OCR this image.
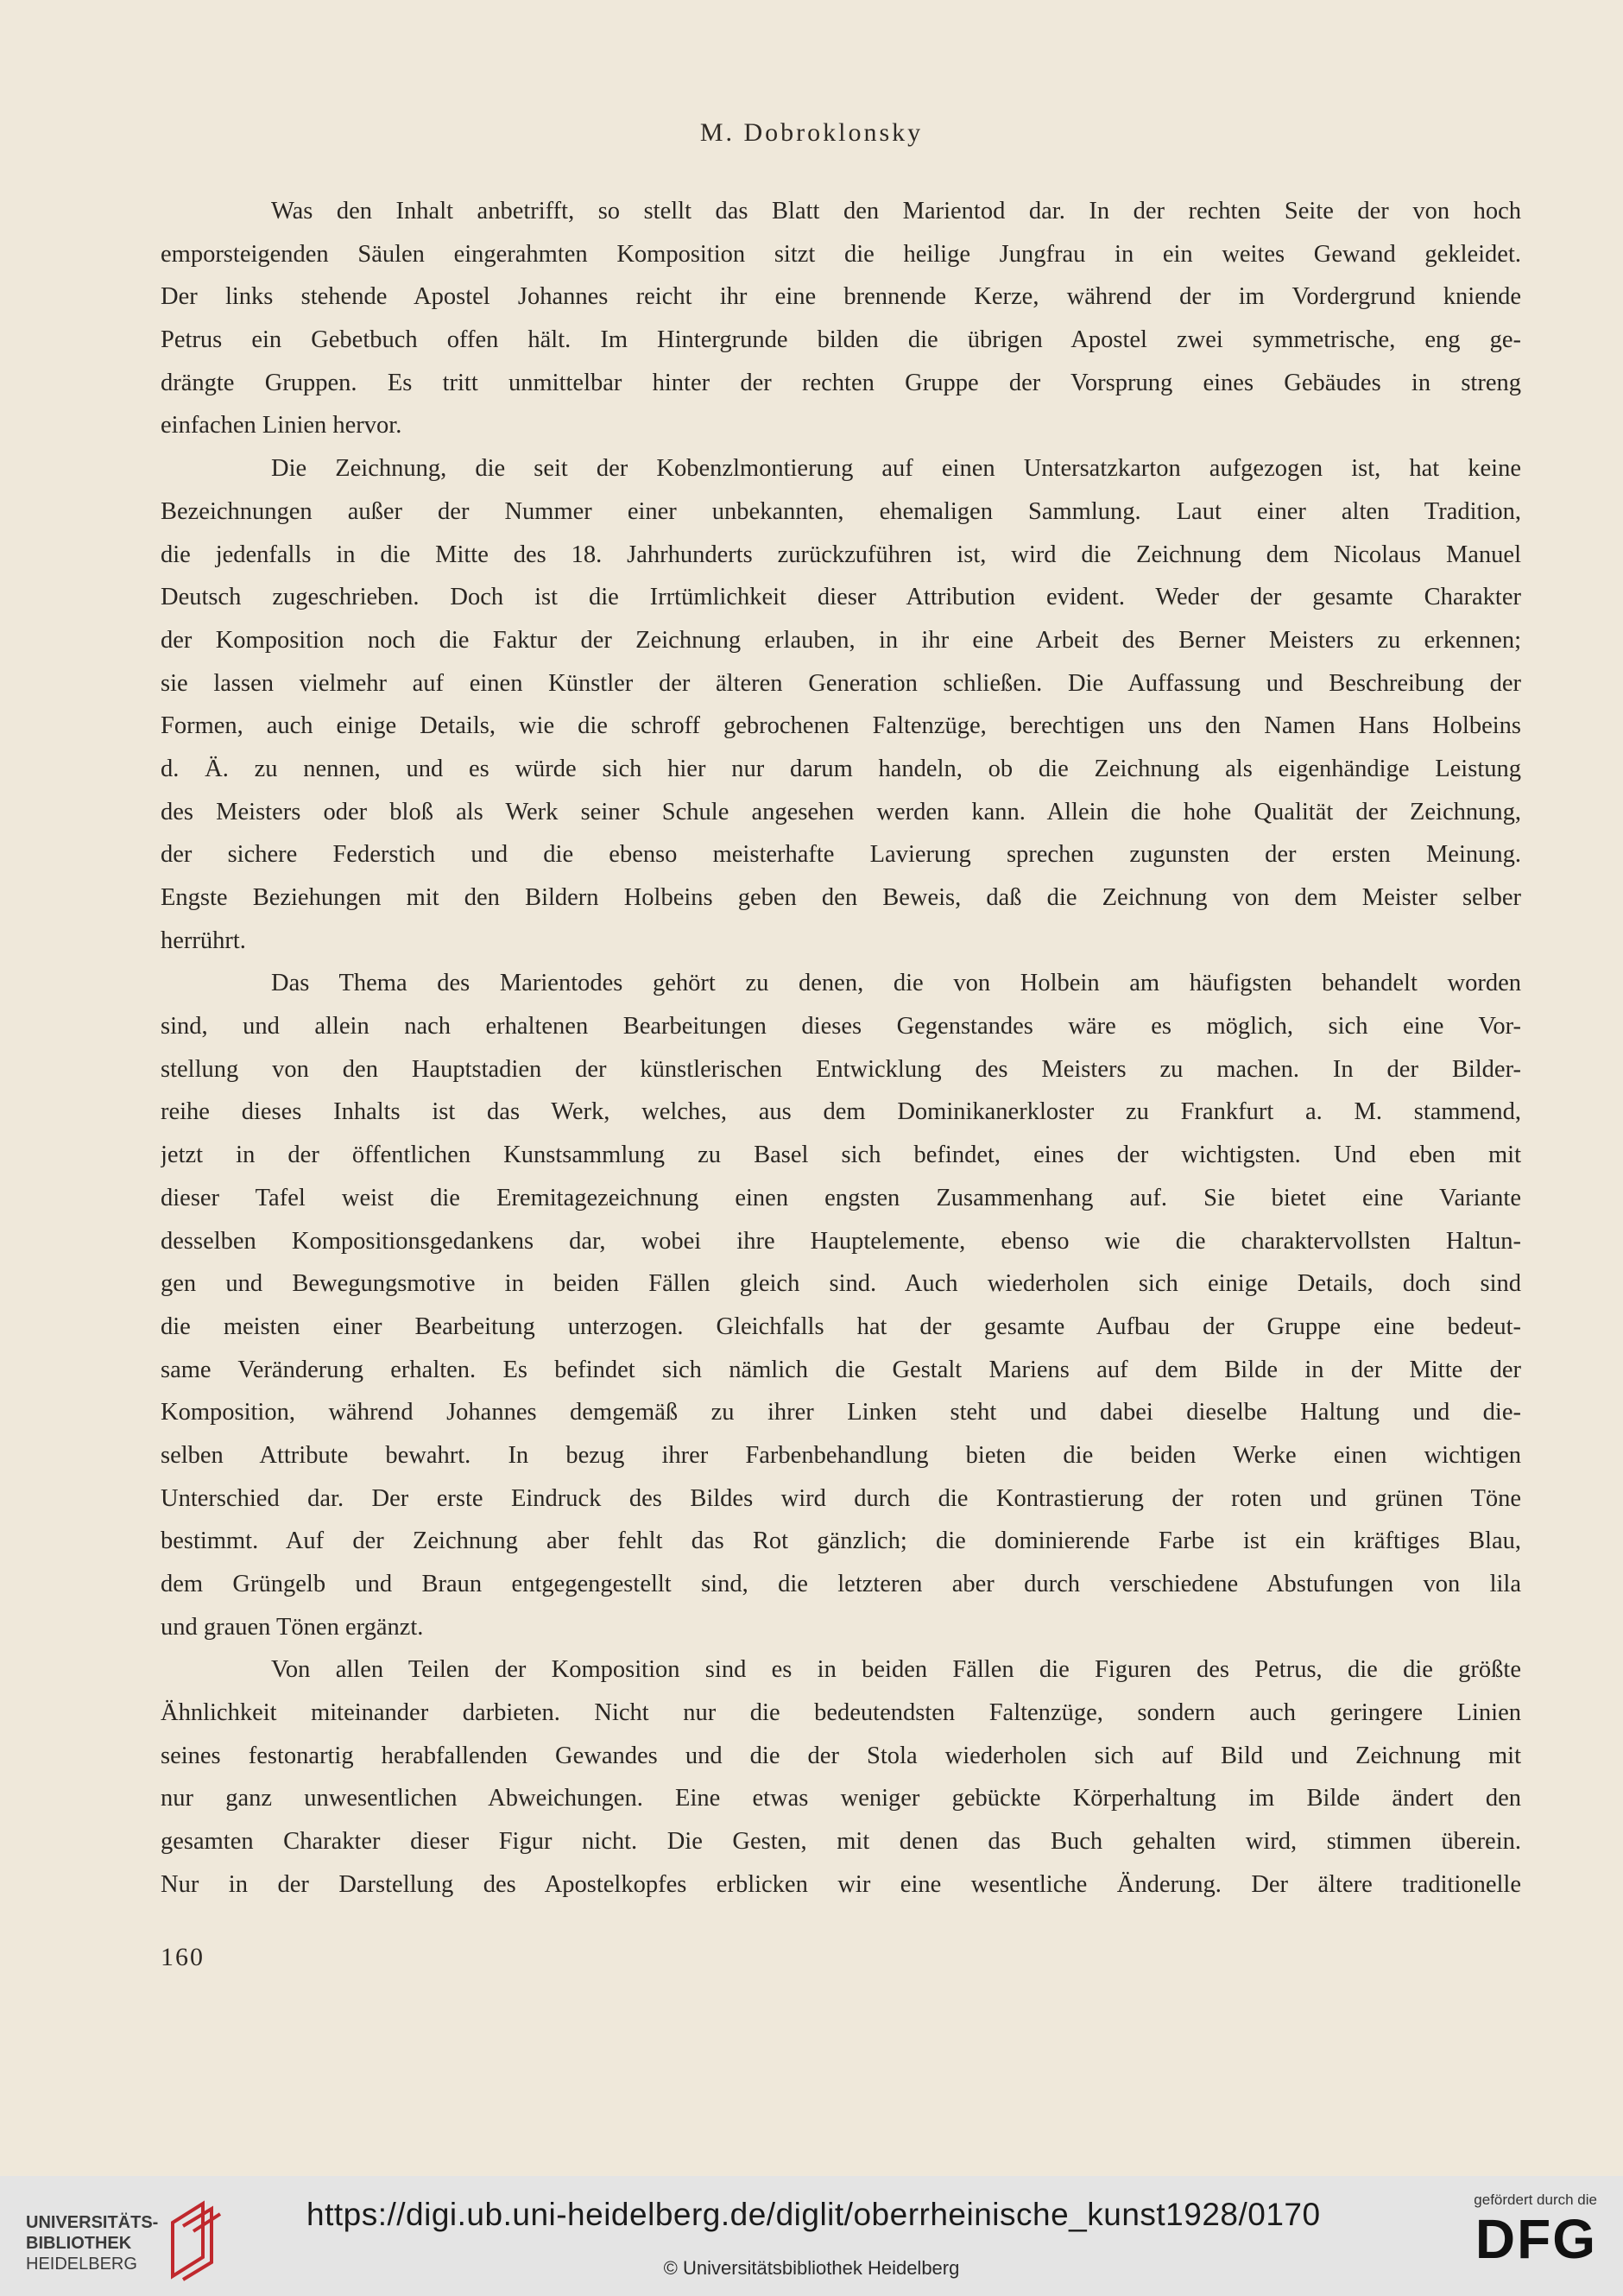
M. Dobroklonsky
Was den Inhalt anbetrifft, so stellt das Blatt den Marientod dar. In der rechten Seite der von hoch
emporsteigenden Säulen eingerahmten Komposition sitzt die heilige Jungfrau in ein weites Gewand gekleidet.
Der links stehende Apostel Johannes reicht ihr eine brennende Kerze, während der im Vordergrund kniende
Petrus ein Gebetbuch offen hält. Im Hintergrunde bilden die übrigen Apostel zwei symmetrische, eng ge-
drängte Gruppen. Es tritt unmittelbar hinter der rechten Gruppe der Vorsprung eines Gebäudes in streng
einfachen Linien hervor.
Die Zeichnung, die seit der Kobenzlmontierung auf einen Untersatzkarton aufgezogen ist, hat keine
Bezeichnungen außer der Nummer einer unbekannten, ehemaligen Sammlung. Laut einer alten Tradition,
die jedenfalls in die Mitte des 18. Jahrhunderts zurückzuführen ist, wird die Zeichnung dem Nicolaus Manuel
Deutsch zugeschrieben. Doch ist die Irrtümlichkeit dieser Attribution evident. Weder der gesamte Charakter
der Komposition noch die Faktur der Zeichnung erlauben, in ihr eine Arbeit des Berner Meisters zu erkennen;
sie lassen vielmehr auf einen Künstler der älteren Generation schließen. Die Auffassung und Beschreibung der
Formen, auch einige Details, wie die schroff gebrochenen Faltenzüge, berechtigen uns den Namen Hans Holbeins
d. Ä. zu nennen, und es würde sich hier nur darum handeln, ob die Zeichnung als eigenhändige Leistung
des Meisters oder bloß als Werk seiner Schule angesehen werden kann. Allein die hohe Qualität der Zeichnung,
der sichere Federstich und die ebenso meisterhafte Lavierung sprechen zugunsten der ersten Meinung.
Engste Beziehungen mit den Bildern Holbeins geben den Beweis, daß die Zeichnung von dem Meister selber
herrührt.
Das Thema des Marientodes gehört zu denen, die von Holbein am häufigsten behandelt worden
sind, und allein nach erhaltenen Bearbeitungen dieses Gegenstandes wäre es möglich, sich eine Vor-
stellung von den Hauptstadien der künstlerischen Entwicklung des Meisters zu machen. In der Bilder-
reihe dieses Inhalts ist das Werk, welches, aus dem Dominikanerkloster zu Frankfurt a. M. stammend,
jetzt in der öffentlichen Kunstsammlung zu Basel sich befindet, eines der wichtigsten. Und eben mit
dieser Tafel weist die Eremitagezeichnung einen engsten Zusammenhang auf. Sie bietet eine Variante
desselben Kompositionsgedankens dar, wobei ihre Hauptelemente, ebenso wie die charaktervollsten Haltun-
gen und Bewegungsmotive in beiden Fällen gleich sind. Auch wiederholen sich einige Details, doch sind
die meisten einer Bearbeitung unterzogen. Gleichfalls hat der gesamte Aufbau der Gruppe eine bedeut-
same Veränderung erhalten. Es befindet sich nämlich die Gestalt Mariens auf dem Bilde in der Mitte der
Komposition, während Johannes demgemäß zu ihrer Linken steht und dabei dieselbe Haltung und die-
selben Attribute bewahrt. In bezug ihrer Farbenbehandlung bieten die beiden Werke einen wichtigen
Unterschied dar. Der erste Eindruck des Bildes wird durch die Kontrastierung der roten und grünen Töne
bestimmt. Auf der Zeichnung aber fehlt das Rot gänzlich; die dominierende Farbe ist ein kräftiges Blau,
dem Grüngelb und Braun entgegengestellt sind, die letzteren aber durch verschiedene Abstufungen von lila
und grauen Tönen ergänzt.
Von allen Teilen der Komposition sind es in beiden Fällen die Figuren des Petrus, die die größte
Ähnlichkeit miteinander darbieten. Nicht nur die bedeutendsten Faltenzüge, sondern auch geringere Linien
seines festonartig herabfallenden Gewandes und die der Stola wiederholen sich auf Bild und Zeichnung mit
nur ganz unwesentlichen Abweichungen. Eine etwas weniger gebückte Körperhaltung im Bilde ändert den
gesamten Charakter dieser Figur nicht. Die Gesten, mit denen das Buch gehalten wird, stimmen überein.
Nur in der Darstellung des Apostelkopfes erblicken wir eine wesentliche Änderung. Der ältere traditionelle
160
UNIVERSITÄTS-
BIBLIOTHEK
HEIDELBERG
https://digi.ub.uni-heidelberg.de/diglit/oberrheinische_kunst1928/0170
© Universitätsbibliothek Heidelberg
gefördert durch die
DFG
